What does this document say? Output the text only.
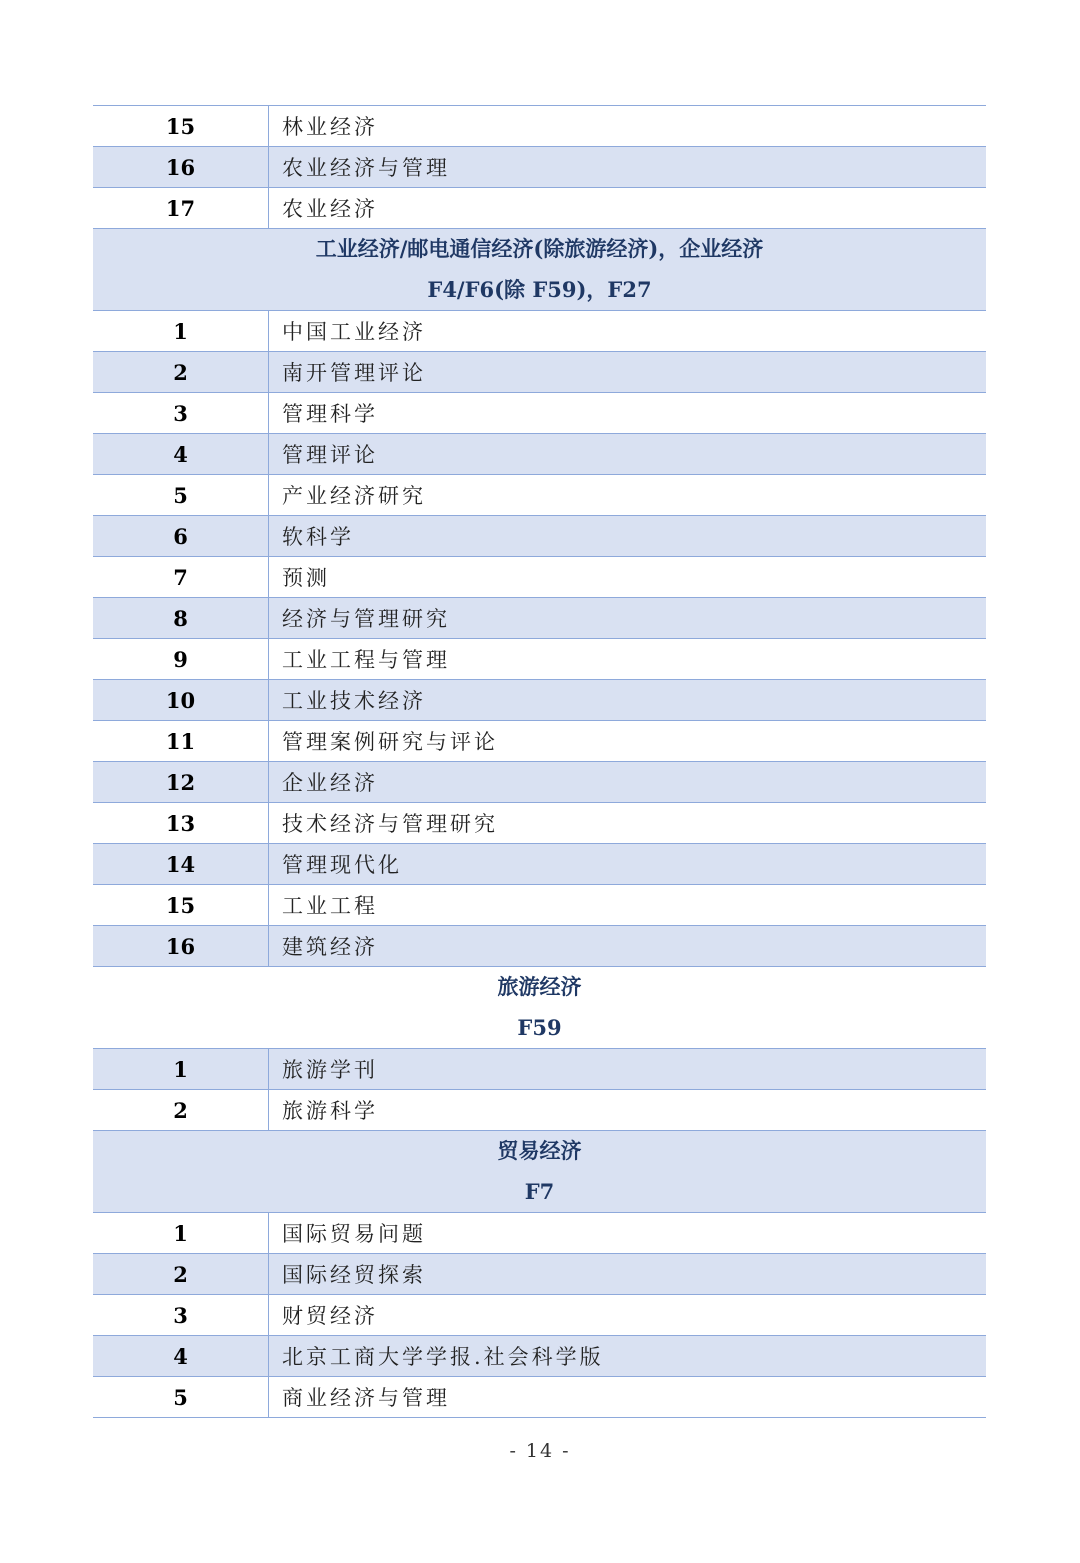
15	林业经济
16	农业经济与管理
17	农业经济
工业经济/邮电通信经济(除旅游经济)，企业经济
F4/F6(除 F59)，F27
1	中国工业经济
2	南开管理评论
3	管理科学
4	管理评论
5	产业经济研究
6	软科学
7	预测
8	经济与管理研究
9	工业工程与管理
10	工业技术经济
11	管理案例研究与评论
12	企业经济
13	技术经济与管理研究
14	管理现代化
15	工业工程
16	建筑经济
旅游经济
F59
1	旅游学刊
2	旅游科学
贸易经济
F7
1	国际贸易问题
2	国际经贸探索
3	财贸经济
4	北京工商大学学报.社会科学版
5	商业经济与管理
- 14 -
